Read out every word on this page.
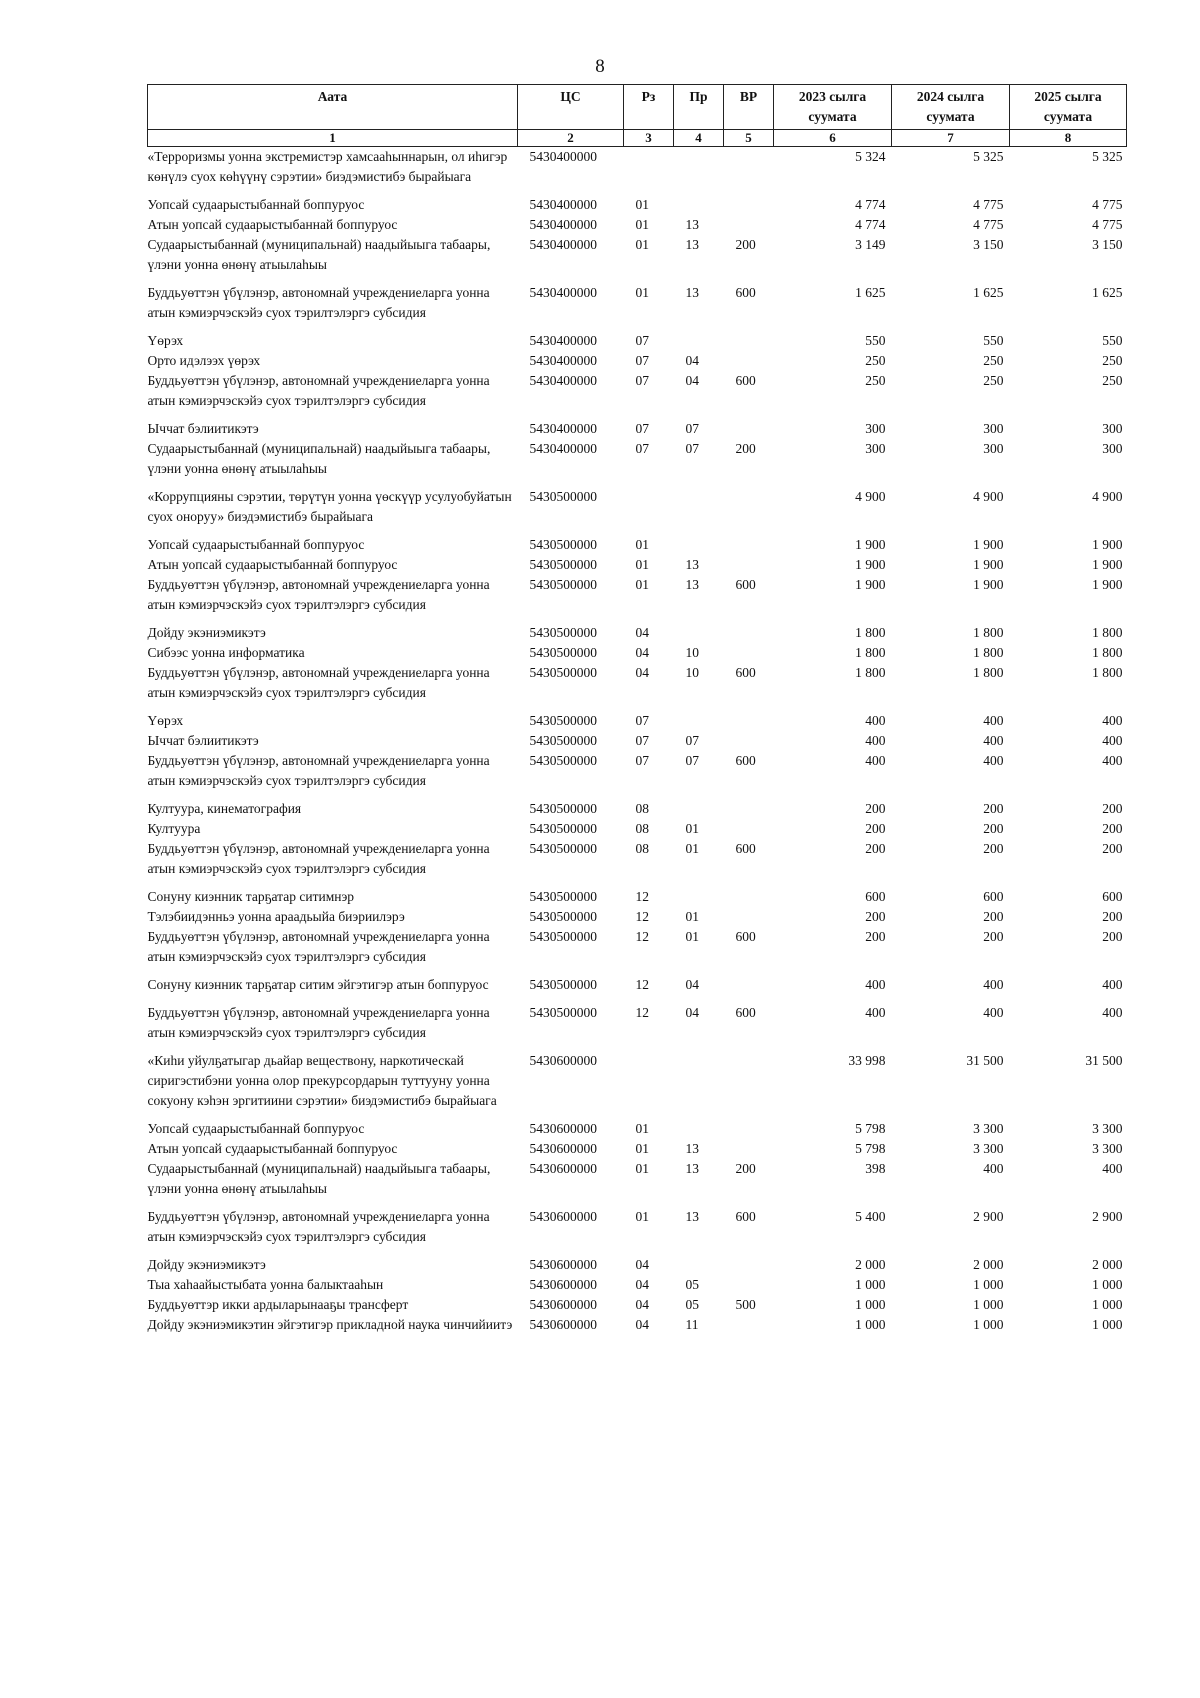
8
Аата	ЦС	Рз	Пр	ВР	2023 сылга суумата	2024 сылга суумата	2025 сылга суумата
1	2	3	4	5	6	7	8
«Терроризмы уонна экстремистэр хамсааһыннарын, ол иһигэр көнүлэ суох көһүүнү сэрэтии» биэдэмистибэ бырайыага	5430400000				5 324	5 325	5 325
Уопсай судаарыстыбаннай боппуруос	5430400000	01			4 774	4 775	4 775
Атын уопсай судаарыстыбаннай боппуруос	5430400000	01	13		4 774	4 775	4 775
Судаарыстыбаннай (муниципальнай) наадыйыыга табаары, үлэни уонна өнөнү атыылаһыы	5430400000	01	13	200	3 149	3 150	3 150
Буддьуөттэн үбүлэнэр, автономнай учреждениеларга уонна атын кэмиэрчэскэйэ суох тэрилтэлэргэ субсидия	5430400000	01	13	600	1 625	1 625	1 625
Үөрэх	5430400000	07			550	550	550
Орто идэлээх үөрэх	5430400000	07	04		250	250	250
Буддьуөттэн үбүлэнэр, автономнай учреждениеларга уонна атын кэмиэрчэскэйэ суох тэрилтэлэргэ субсидия	5430400000	07	04	600	250	250	250
Ыччат бэлиитикэтэ	5430400000	07	07		300	300	300
Судаарыстыбаннай (муниципальнай) наадыйыыга табаары, үлэни уонна өнөнү атыылаһыы	5430400000	07	07	200	300	300	300
«Коррупцияны сэрэтии, төрүтүн уонна үөскүүр усулуобуйатын суох оноруу» биэдэмистибэ бырайыага	5430500000				4 900	4 900	4 900
Уопсай судаарыстыбаннай боппуруос	5430500000	01			1 900	1 900	1 900
Атын уопсай судаарыстыбаннай боппуруос	5430500000	01	13		1 900	1 900	1 900
Буддьуөттэн үбүлэнэр, автономнай учреждениеларга уонна атын кэмиэрчэскэйэ суох тэрилтэлэргэ субсидия	5430500000	01	13	600	1 900	1 900	1 900
Дойду экэниэмикэтэ	5430500000	04			1 800	1 800	1 800
Сибээс уонна информатика	5430500000	04	10		1 800	1 800	1 800
Буддьуөттэн үбүлэнэр, автономнай учреждениеларга уонна атын кэмиэрчэскэйэ суох тэрилтэлэргэ субсидия	5430500000	04	10	600	1 800	1 800	1 800
Үөрэх	5430500000	07			400	400	400
Ыччат бэлиитикэтэ	5430500000	07	07		400	400	400
Буддьуөттэн үбүлэнэр, автономнай учреждениеларга уонна атын кэмиэрчэскэйэ суох тэрилтэлэргэ субсидия	5430500000	07	07	600	400	400	400
Култуура, кинематография	5430500000	08			200	200	200
Култуура	5430500000	08	01		200	200	200
Буддьуөттэн үбүлэнэр, автономнай учреждениеларга уонна атын кэмиэрчэскэйэ суох тэрилтэлэргэ субсидия	5430500000	08	01	600	200	200	200
Сонуну киэнник тарҕатар ситимнэр	5430500000	12			600	600	600
Тэлэбиидэнньэ уонна араадьыйа биэриилэрэ	5430500000	12	01		200	200	200
Буддьуөттэн үбүлэнэр, автономнай учреждениеларга уонна атын кэмиэрчэскэйэ суох тэрилтэлэргэ субсидия	5430500000	12	01	600	200	200	200
Сонуну киэнник тарҕатар ситим эйгэтигэр атын боппуруос	5430500000	12	04		400	400	400
Буддьуөттэн үбүлэнэр, автономнай учреждениеларга уонна атын кэмиэрчэскэйэ суох тэрилтэлэргэ субсидия	5430500000	12	04	600	400	400	400
«Киһи уйулҕатыгар дьайар веществону, наркотическай сиригэстибэни уонна олор прекурсордарын туттууну уонна сокуону кэһэн эргитиини сэрэтии» биэдэмистибэ бырайыага	5430600000				33 998	31 500	31 500
Уопсай судаарыстыбаннай боппуруос	5430600000	01			5 798	3 300	3 300
Атын уопсай судаарыстыбаннай боппуруос	5430600000	01	13		5 798	3 300	3 300
Судаарыстыбаннай (муниципальнай) наадыйыыга табаары, үлэни уонна өнөнү атыылаһыы	5430600000	01	13	200	398	400	400
Буддьуөттэн үбүлэнэр, автономнай учреждениеларга уонна атын кэмиэрчэскэйэ суох тэрилтэлэргэ субсидия	5430600000	01	13	600	5 400	2 900	2 900
Дойду экэниэмикэтэ	5430600000	04			2 000	2 000	2 000
Тыа хаһаайыстыбата уонна балыктааһын	5430600000	04	05		1 000	1 000	1 000
Буддьуөттэр икки ардыларынааҕы трансферт	5430600000	04	05	500	1 000	1 000	1 000
Дойду экэниэмикэтин эйгэтигэр прикладной наука чинчийиитэ	5430600000	04	11		1 000	1 000	1 000
